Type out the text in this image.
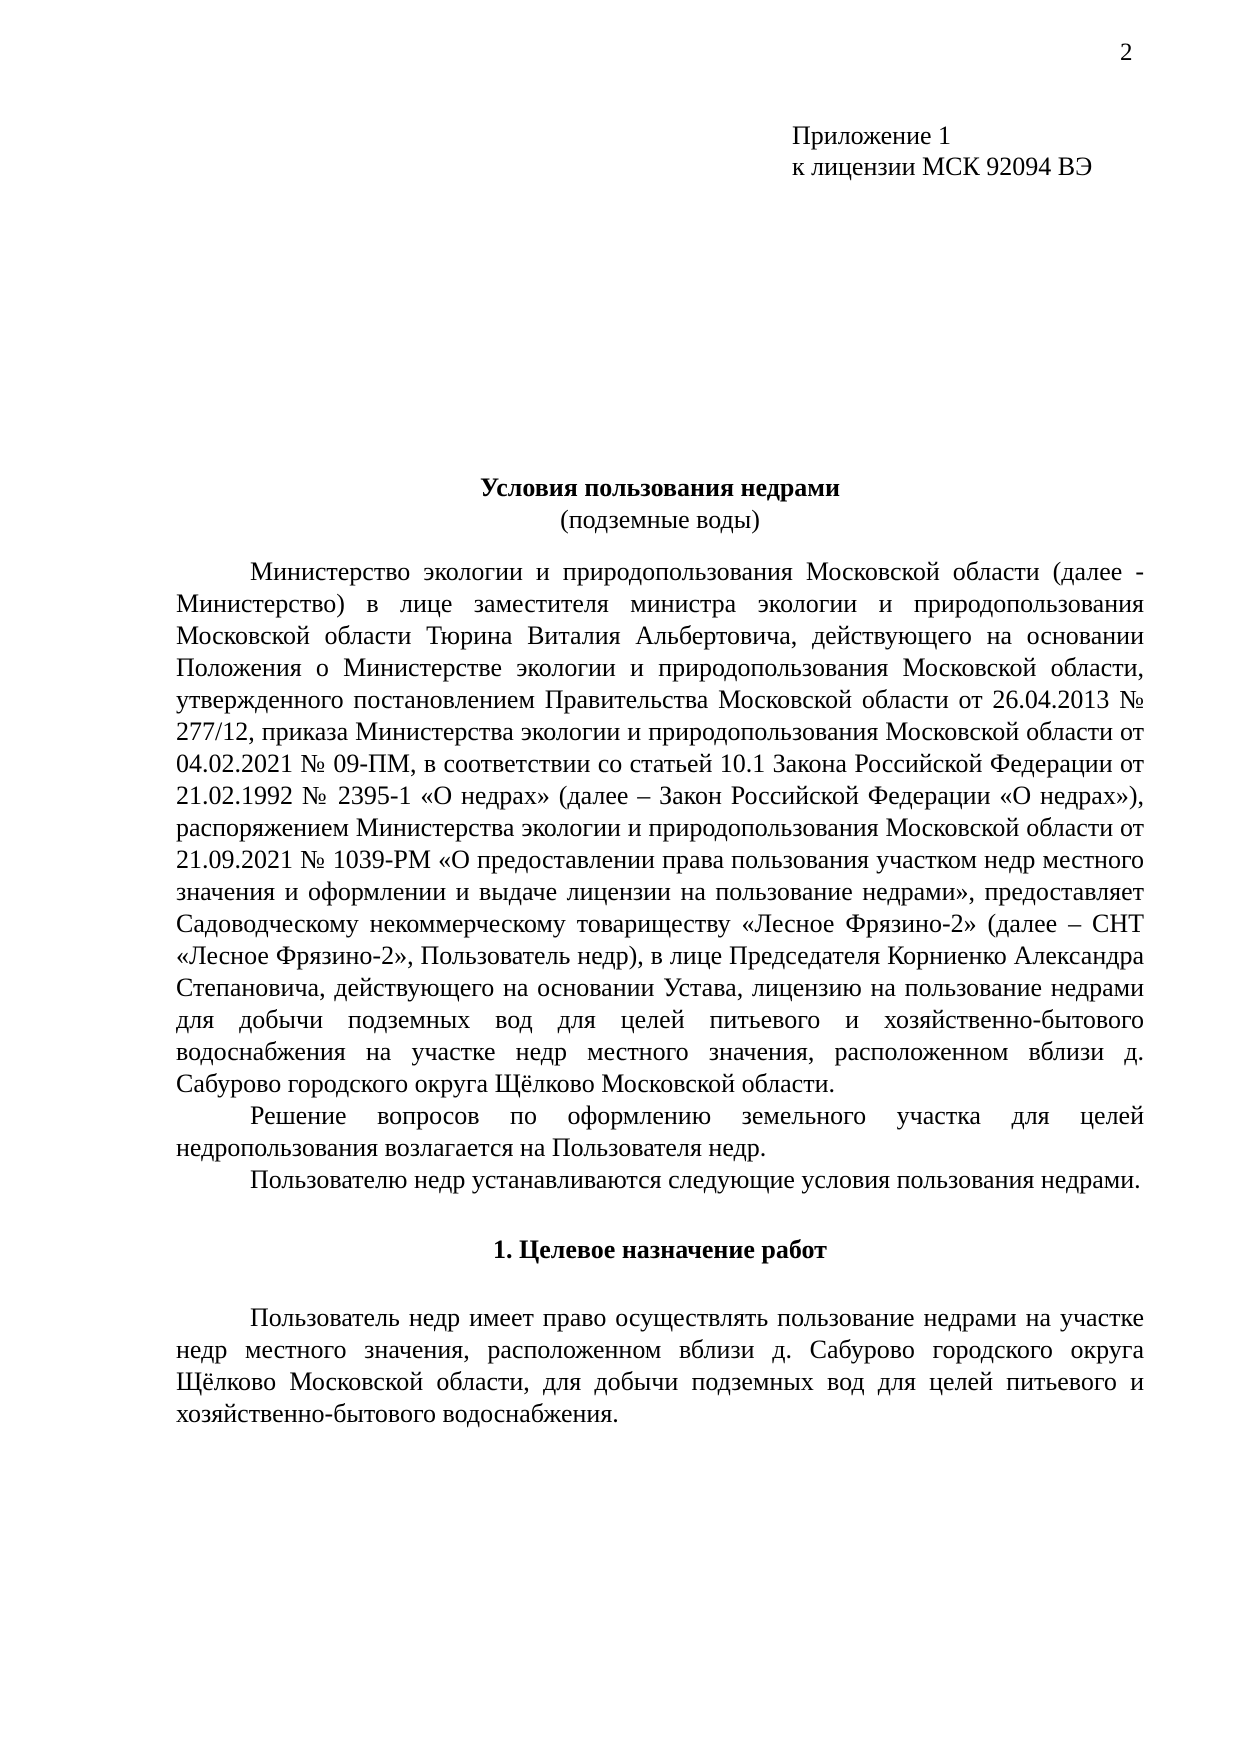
2
Приложение 1
к лицензии МСК 92094 ВЭ

Условия пользования недрами

(подземные воды)

Министерство экологии и природопользования Московской области (далее - Министерство) в лице заместителя министра экологии и природопользования Московской области Тюрина Виталия Альбертовича, действующего на основании Положения о Министерстве экологии и природопользования Московской области, утвержденного постановлением Правительства Московской области от 26.04.2013 № 277/12, приказа Министерства экологии и природопользования Московской области от 04.02.2021 № 09-ПМ, в соответствии со статьей 10.1 Закона Российской Федерации от 21.02.1992 № 2395-1 «О недрах» (далее – Закон Российской Федерации «О недрах»), распоряжением Министерства экологии и природопользования Московской области от 21.09.2021 № 1039-РМ «О предоставлении права пользования участком недр местного значения и оформлении и выдаче лицензии на пользование недрами», предоставляет Садоводческому некоммерческому товариществу «Лесное Фрязино-2» (далее – СНТ «Лесное Фрязино-2», Пользователь недр), в лице Председателя Корниенко Александра Степановича, действующего на основании Устава, лицензию на пользование недрами для добычи подземных вод для целей питьевого и хозяйственно-бытового водоснабжения на участке недр местного значения, расположенном вблизи д. Сабурово городского округа Щёлково Московской области.

Решение вопросов по оформлению земельного участка для целей недропользования возлагается на Пользователя недр.

Пользователю недр устанавливаются следующие условия пользования недрами.

1. Целевое назначение работ

Пользователь недр имеет право осуществлять пользование недрами на участке недр местного значения, расположенном вблизи д. Сабурово городского округа Щёлково Московской области, для добычи подземных вод для целей питьевого и хозяйственно-бытового водоснабжения.
